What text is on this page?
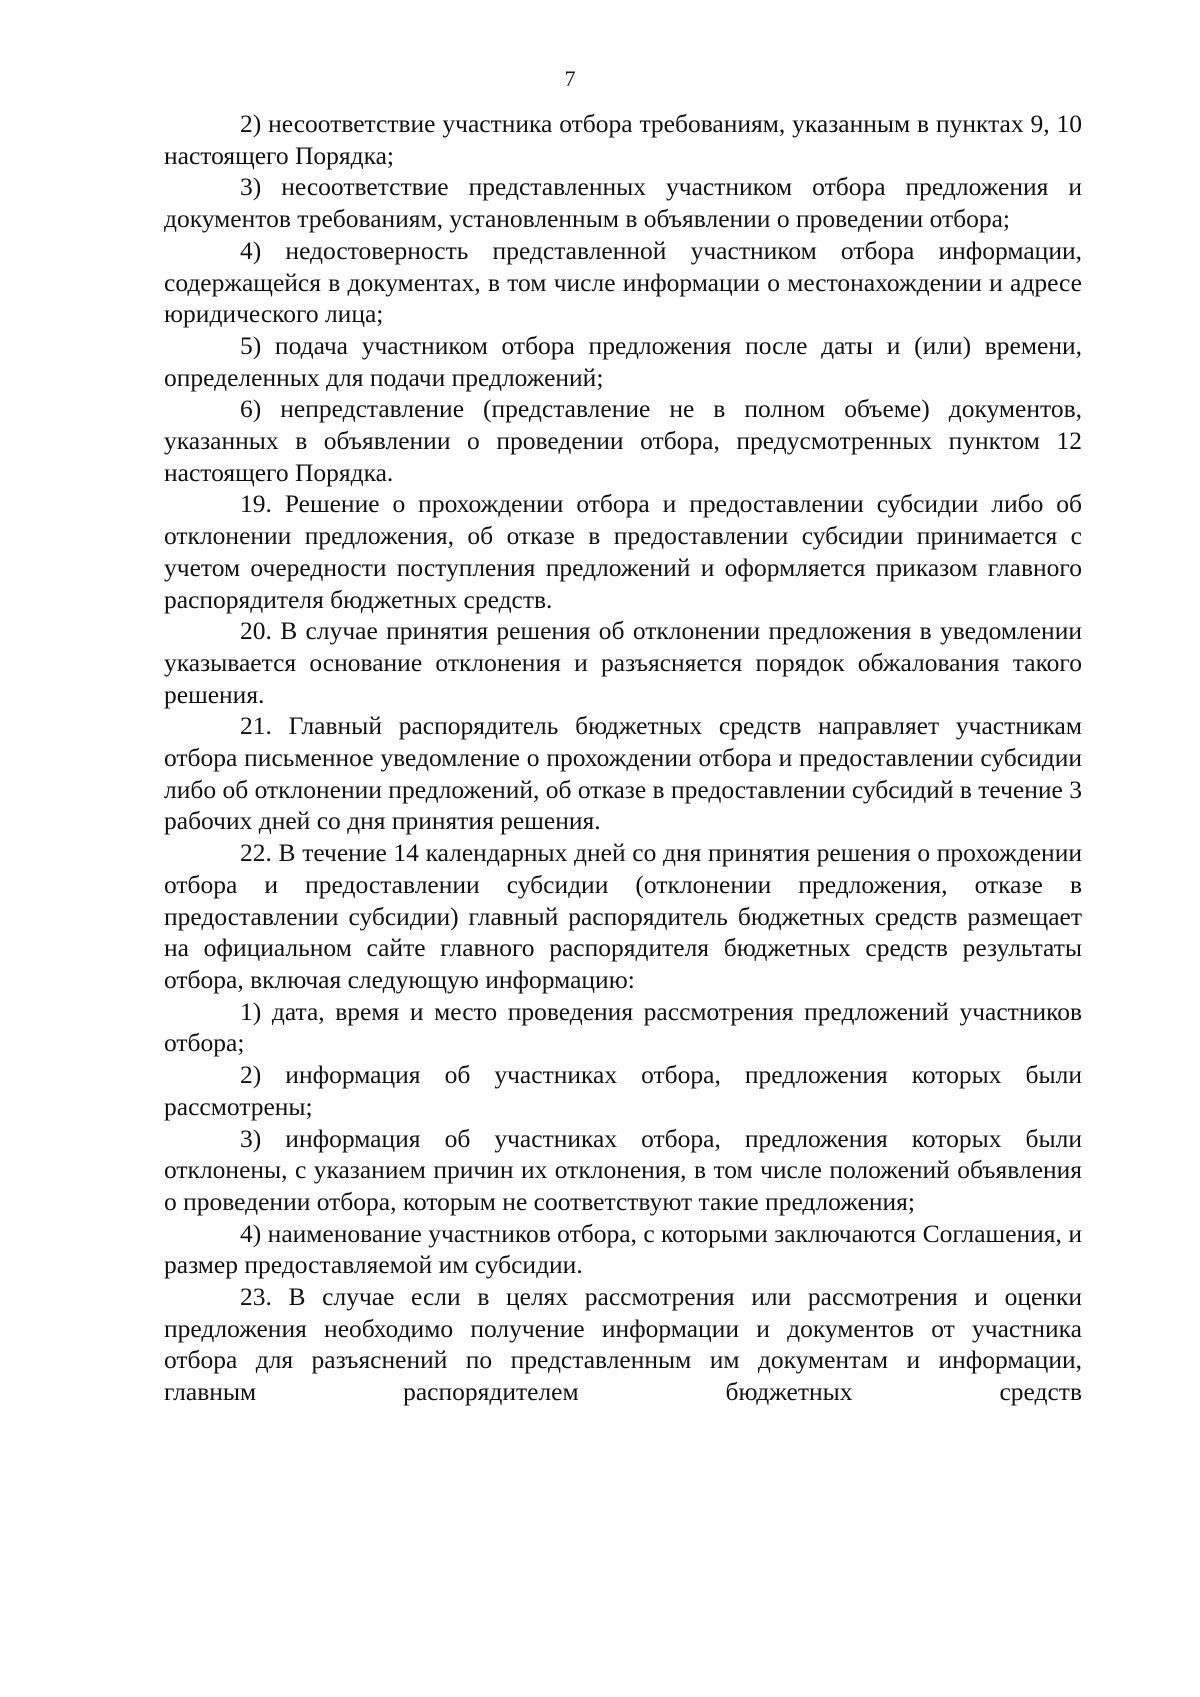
7

2) несоответствие участника отбора требованиям, указанным в пунктах 9, 10 настоящего Порядка;

3) несоответствие представленных участником отбора предложения и документов требованиям, установленным в объявлении о проведении отбора;

4) недостоверность представленной участником отбора информации, содержащейся в документах, в том числе информации о местонахождении и адресе юридического лица;

5) подача участником отбора предложения после даты и (или) времени, определенных для подачи предложений;

6) непредставление (представление не в полном объеме) документов, указанных в объявлении о проведении отбора, предусмотренных пунктом 12 настоящего Порядка.

19. Решение о прохождении отбора и предоставлении субсидии либо об отклонении предложения, об отказе в предоставлении субсидии принимается с учетом очередности поступления предложений и оформляется приказом главного распорядителя бюджетных средств.

20. В случае принятия решения об отклонении предложения в уведомлении указывается основание отклонения и разъясняется порядок обжалования такого решения.

21. Главный распорядитель бюджетных средств направляет участникам отбора письменное уведомление о прохождении отбора и предоставлении субсидии либо об отклонении предложений, об отказе в предоставлении субсидий в течение 3 рабочих дней со дня принятия решения.

22. В течение 14 календарных дней со дня принятия решения о прохождении отбора и предоставлении субсидии (отклонении предложения, отказе в предоставлении субсидии) главный распорядитель бюджетных средств размещает на официальном сайте главного распорядителя бюджетных средств результаты отбора, включая следующую информацию:

1) дата, время и место проведения рассмотрения предложений участников отбора;

2) информация об участниках отбора, предложения которых были рассмотрены;

3) информация об участниках отбора, предложения которых были отклонены, с указанием причин их отклонения, в том числе положений объявления о проведении отбора, которым не соответствуют такие предложения;

4) наименование участников отбора, с которыми заключаются Соглашения, и размер предоставляемой им субсидии.

23. В случае если в целях рассмотрения или рассмотрения и оценки предложения необходимо получение информации и документов от участника отбора для разъяснений по представленным им документам и информации, главным распорядителем бюджетных средств
